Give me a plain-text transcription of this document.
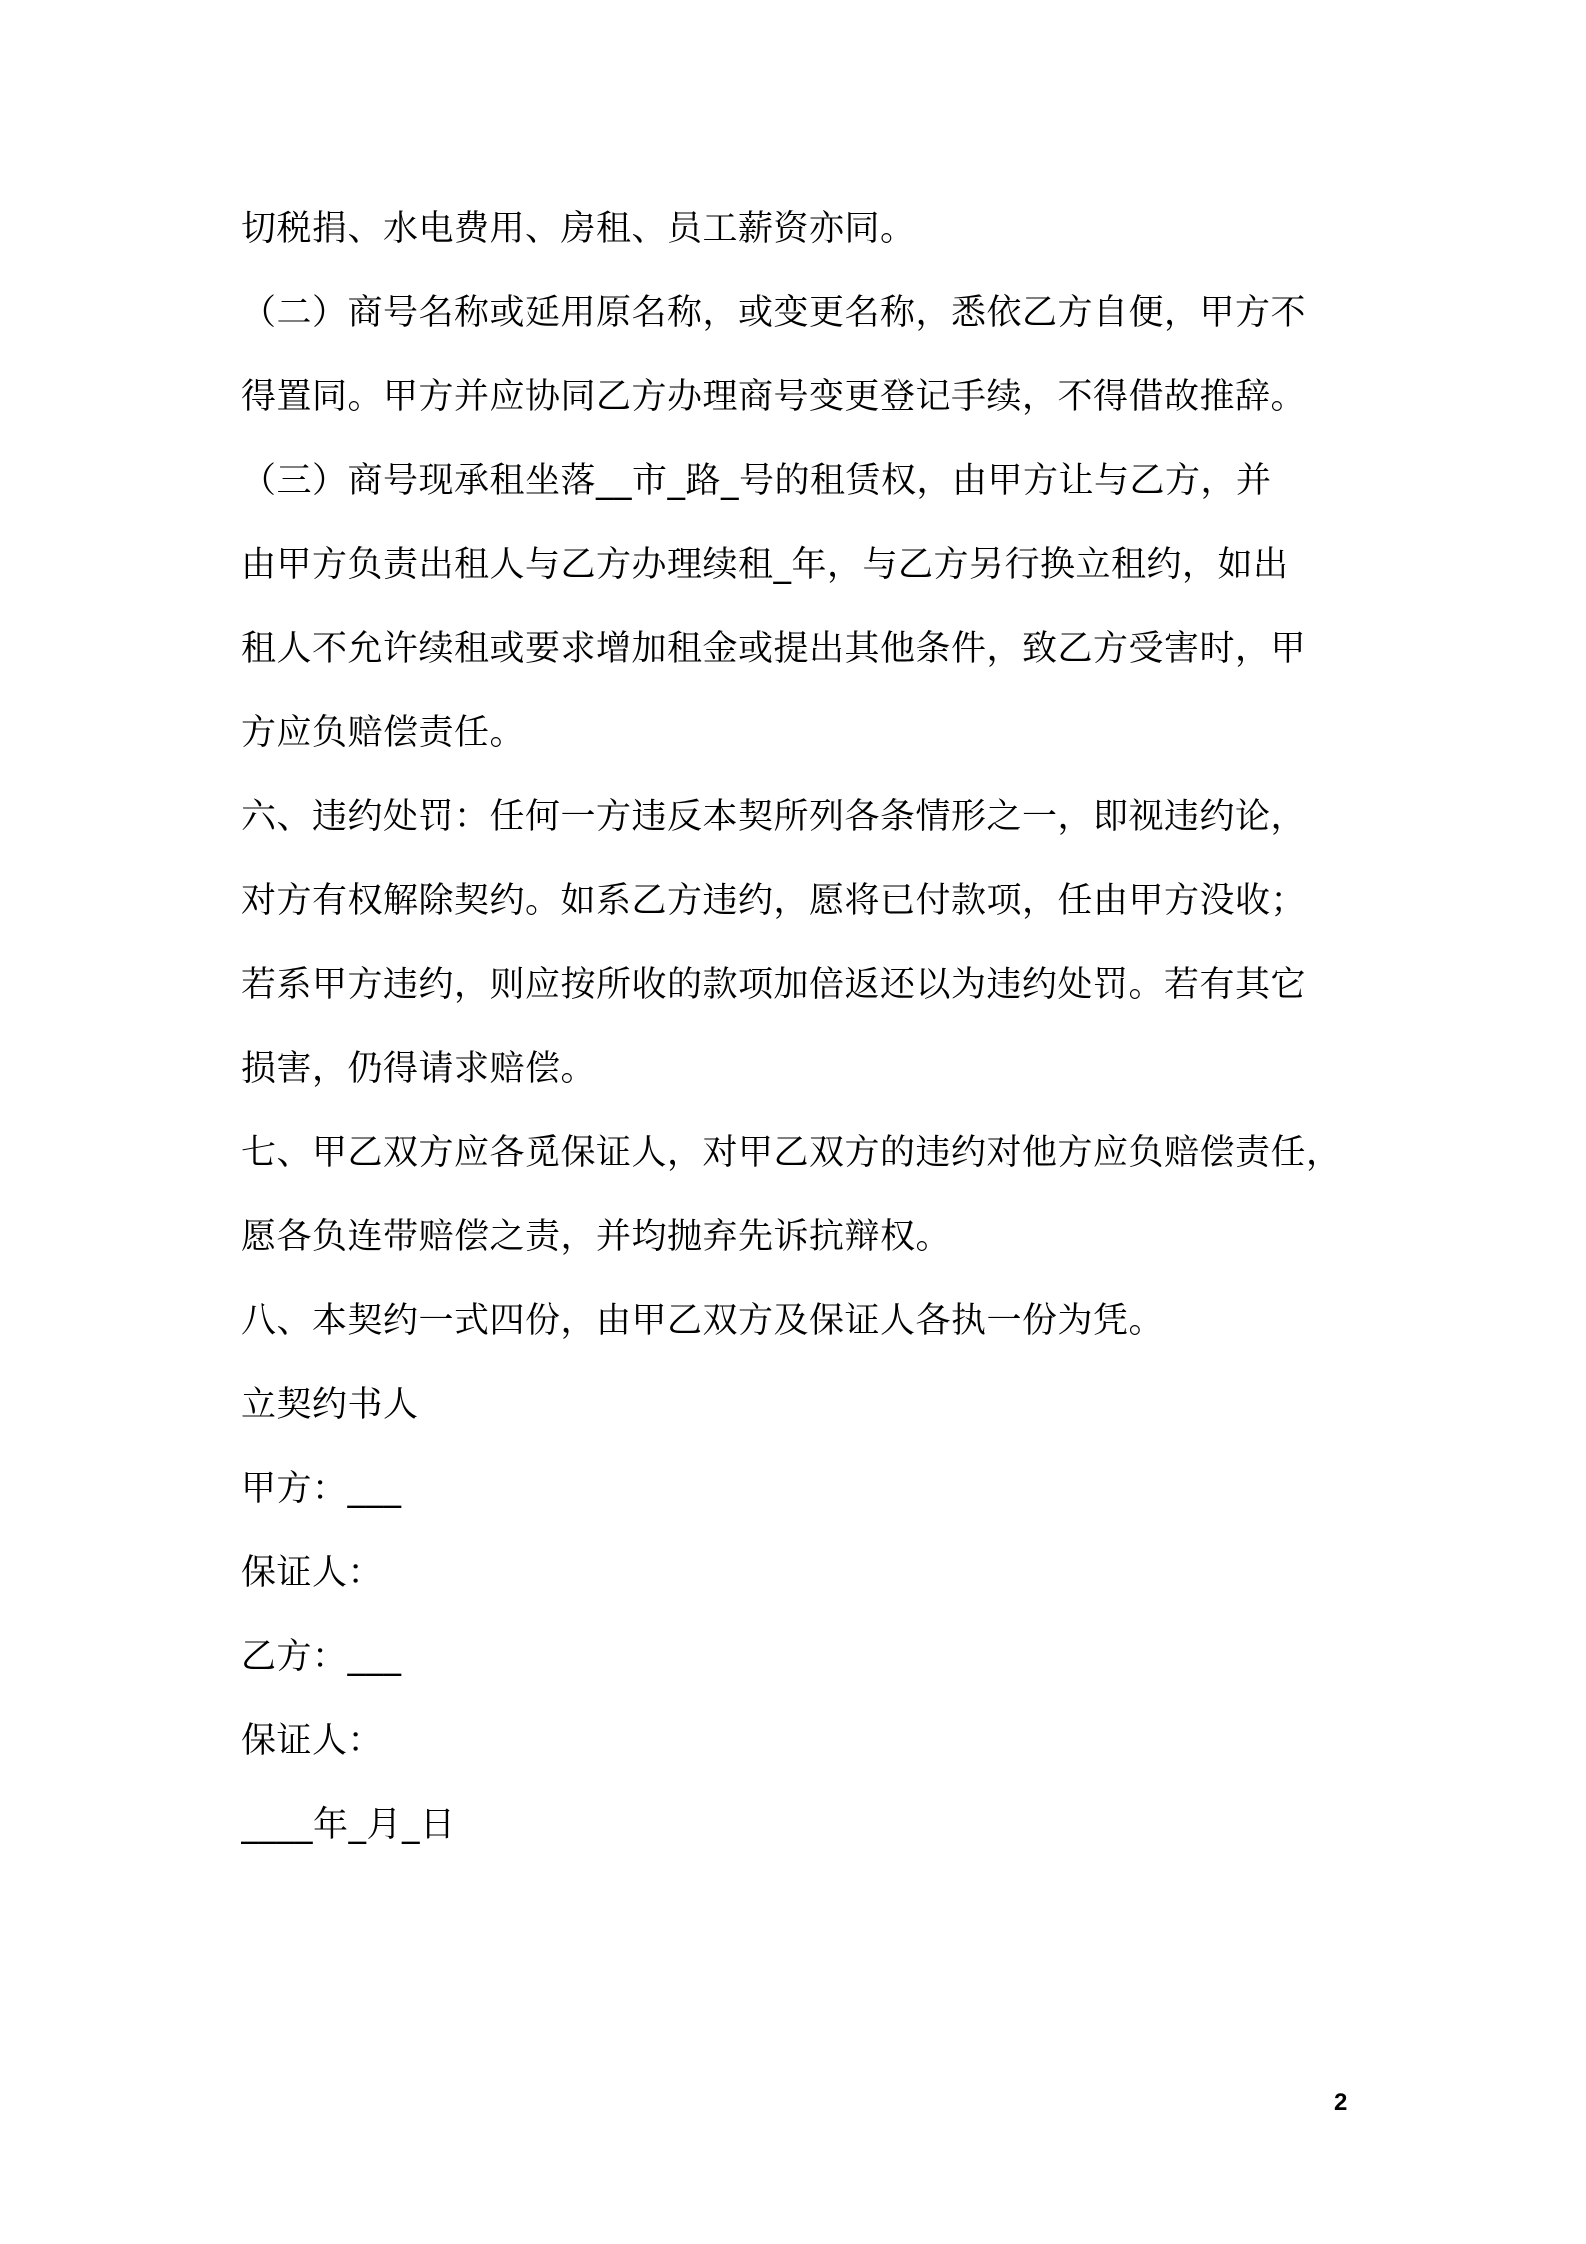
切税捐、水电费用、房租、员工薪资亦同。
（二）商号名称或延用原名称，或变更名称，悉依乙方自便，甲方不
得置同。甲方并应协同乙方办理商号变更登记手续，不得借故推辞。
（三）商号现承租坐落__市_路_号的租赁权，由甲方让与乙方，并
由甲方负责出租人与乙方办理续租_年，与乙方另行换立租约，如出
租人不允许续租或要求增加租金或提出其他条件，致乙方受害时，甲
方应负赔偿责任。
六、违约处罚：任何一方违反本契所列各条情形之一，即视违约论，
对方有权解除契约。如系乙方违约，愿将已付款项，任由甲方没收；
若系甲方违约，则应按所收的款项加倍返还以为违约处罚。若有其它
损害，仍得请求赔偿。
七、甲乙双方应各觅保证人，对甲乙双方的违约对他方应负赔偿责任，
愿各负连带赔偿之责，并均抛弃先诉抗辩权。
八、本契约一式四份，由甲乙双方及保证人各执一份为凭。
立契约书人
甲方：___
保证人：
乙方：___
保证人：
____年_月_日
2
